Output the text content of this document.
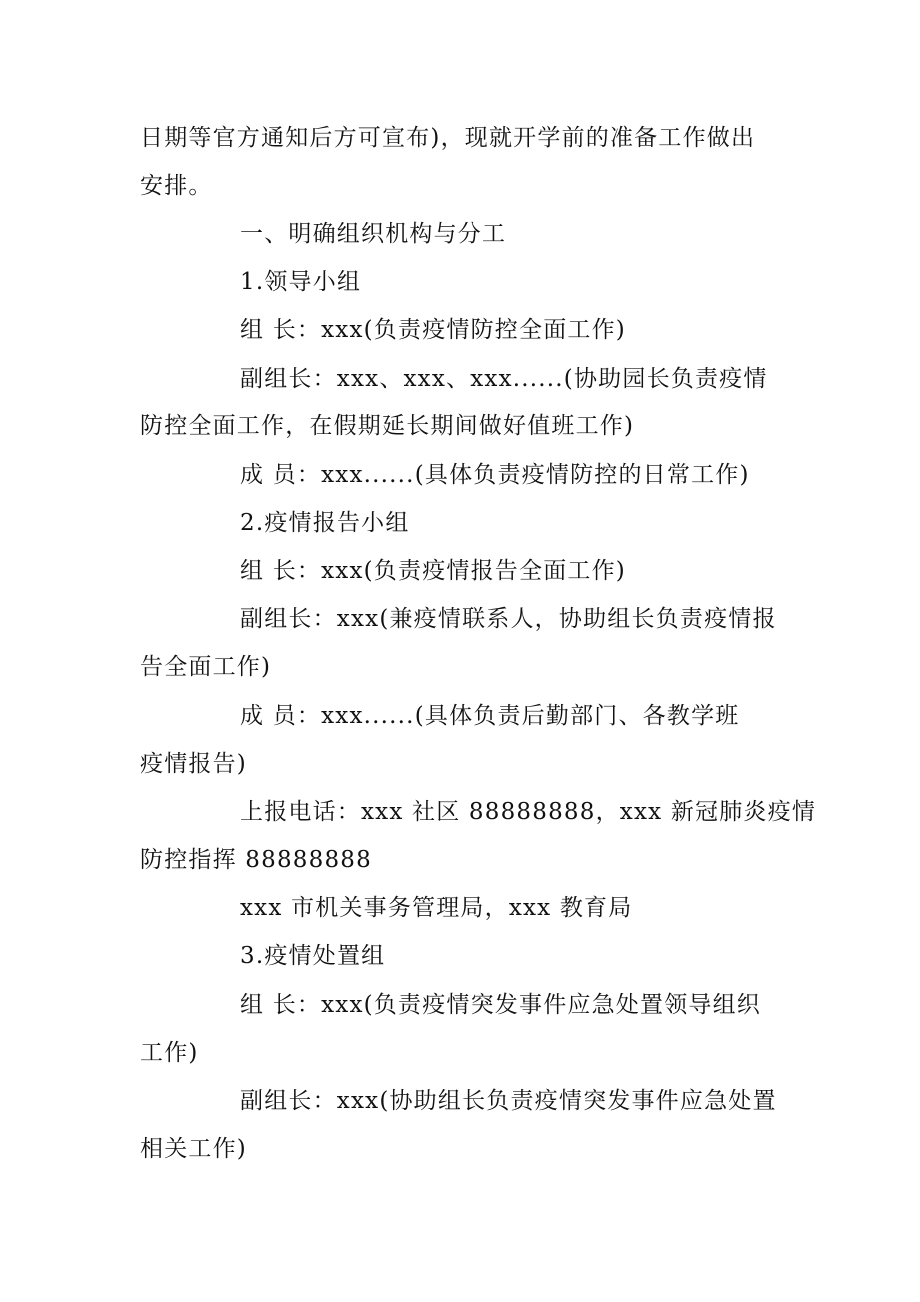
日期等官方通知后方可宣布)，现就开学前的准备工作做出
安排。
一、明确组织机构与分工
1.领导小组
组 长：xxx(负责疫情防控全面工作)
副组长：xxx、xxx、xxx......(协助园长负责疫情
防控全面工作，在假期延长期间做好值班工作)
成 员：xxx......(具体负责疫情防控的日常工作)
2.疫情报告小组
组 长：xxx(负责疫情报告全面工作)
副组长：xxx(兼疫情联系人，协助组长负责疫情报
告全面工作)
成 员：xxx......(具体负责后勤部门、各教学班
疫情报告)
上报电话：xxx 社区 88888888，xxx 新冠肺炎疫情
防控指挥 88888888
xxx 市机关事务管理局，xxx 教育局
3.疫情处置组
组 长：xxx(负责疫情突发事件应急处置领导组织
工作)
副组长：xxx(协助组长负责疫情突发事件应急处置
相关工作)
